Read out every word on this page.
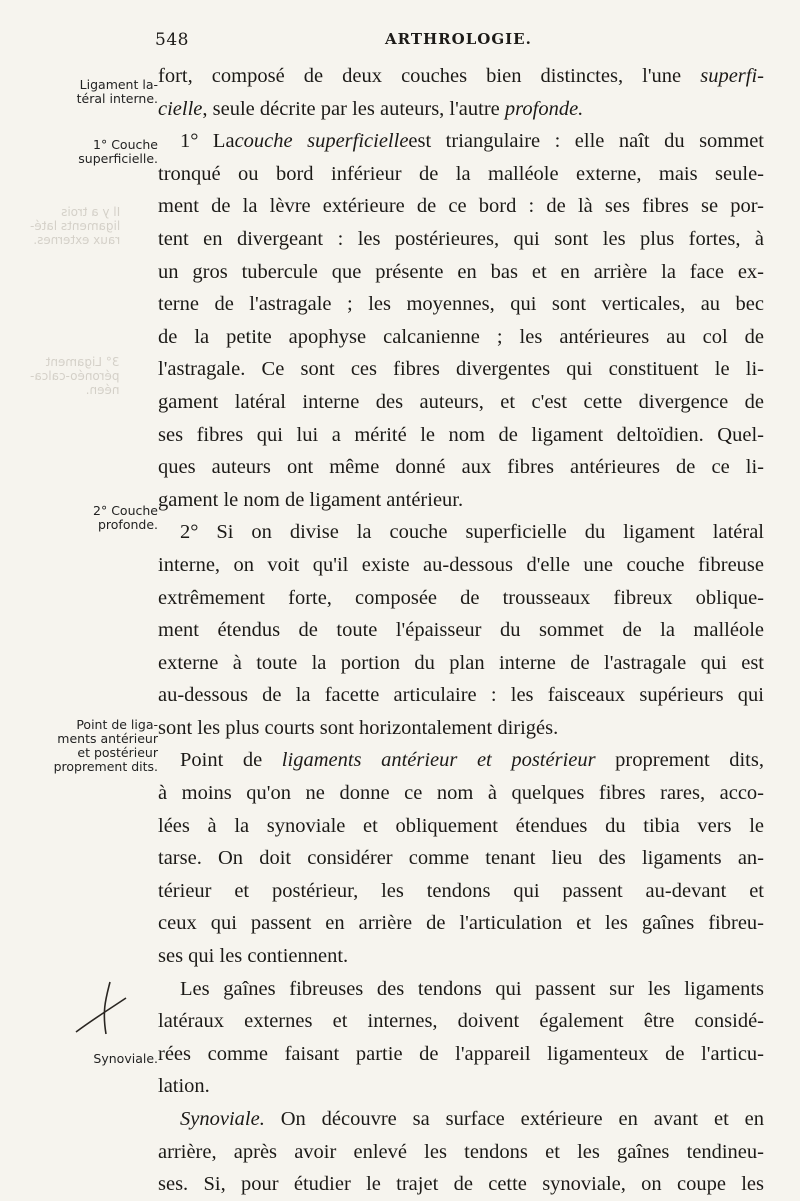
Il y a trois
ligaments laté-
raux externes.
3° Ligament
péronéo-calca-
néen.
548	ARTHROLOGIE.
Ligament la-
téral interne.
1° Couche
superficielle.
2° Couche
profonde.
Point de liga-
ments antérieur
et postérieur
proprement dits.
Synoviale.
fort, composé de deux couches bien distinctes, l'une superfi-
cielle, seule décrite par les auteurs, l'autre profonde.
1° Lacouche superficielleest triangulaire : elle naît du sommet
tronqué ou bord inférieur de la malléole externe, mais seule-
ment de la lèvre extérieure de ce bord : de là ses fibres se por-
tent en divergeant : les postérieures, qui sont les plus fortes, à
un gros tubercule que présente en bas et en arrière la face ex-
terne de l'astragale ; les moyennes, qui sont verticales, au bec
de la petite apophyse calcanienne ; les antérieures au col de
l'astragale. Ce sont ces fibres divergentes qui constituent le li-
gament latéral interne des auteurs, et c'est cette divergence de
ses fibres qui lui a mérité le nom de ligament deltoïdien. Quel-
ques auteurs ont même donné aux fibres antérieures de ce li-
gament le nom de ligament antérieur.
2° Si on divise la couche superficielle du ligament latéral
interne, on voit qu'il existe au-dessous d'elle une couche fibreuse
extrêmement forte, composée de trousseaux fibreux oblique-
ment étendus de toute l'épaisseur du sommet de la malléole
externe à toute la portion du plan interne de l'astragale qui est
au-dessous de la facette articulaire : les faisceaux supérieurs qui
sont les plus courts sont horizontalement dirigés.
Point de ligaments antérieur et postérieur proprement dits,
à moins qu'on ne donne ce nom à quelques fibres rares, acco-
lées à la synoviale et obliquement étendues du tibia vers le
tarse. On doit considérer comme tenant lieu des ligaments an-
térieur et postérieur, les tendons qui passent au-devant et
ceux qui passent en arrière de l'articulation et les gaînes fibreu-
ses qui les contiennent.
Les gaînes fibreuses des tendons qui passent sur les ligaments
latéraux externes et internes, doivent également être considé-
rées comme faisant partie de l'appareil ligamenteux de l'articu-
lation.
Synoviale. On découvre sa surface extérieure en avant et en
arrière, après avoir enlevé les tendons et les gaînes tendineu-
ses. Si, pour étudier le trajet de cette synoviale, on coupe les
